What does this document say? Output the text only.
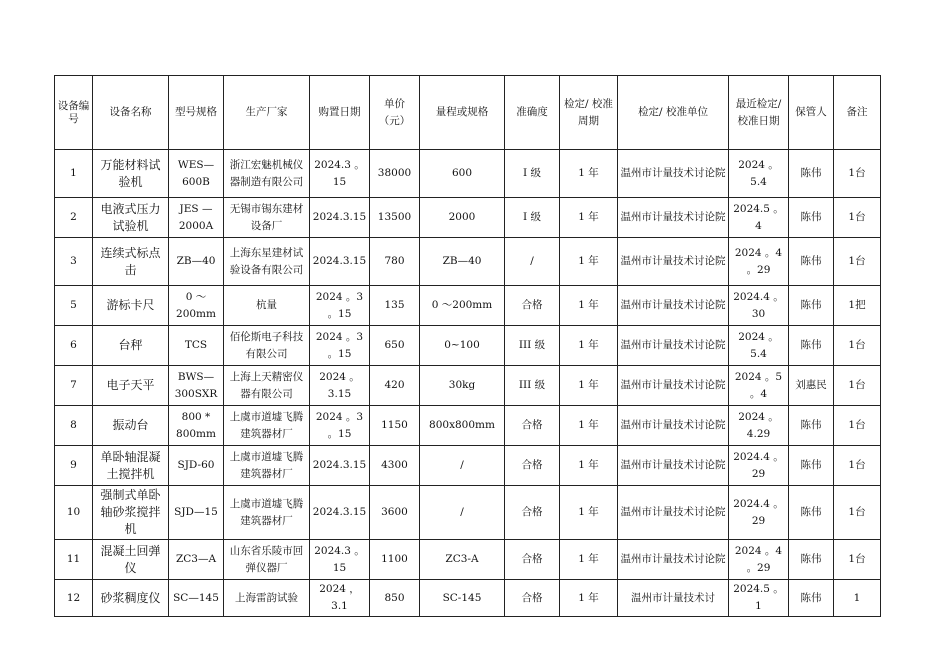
设备编号	设备名称	型号规格	生产厂家	购置日期	单价（元）	量程或规格	准确度	检定/ 校准周期	检定/ 校准单位	最近检定/ 校准日期	保管人	备注
1	万能材料试验机	WES—600B	浙江宏魅机械仪器制造有限公司	2024.3 。15	38000	600	Ⅰ 级	1 年	温州市计量技术讨论院	2024 。5.4	陈伟	1台
2	电液式压力试验机	JES —2000A	无锡市锡东建材设备厂	2024.3.15	13500	2000	Ⅰ 级	1 年	温州市计量技术讨论院	2024.5 。4	陈伟	1台
3	连续式标点击	ZB—40	上海东星建材试验设备有限公司	2024.3.15	780	ZB—40	/	1 年	温州市计量技术讨论院	2024 。4 。29	陈伟	1台
5	游标卡尺	0 ～200mm	杭量	2024 。3 。15	135	0 ～200mm	合格	1 年	温州市计量技术讨论院	2024.4 。30	陈伟	1把
6	台秤	TCS	佰伦斯电子科技有限公司	2024 。3 。15	650	0~100	III 级	1 年	温州市计量技术讨论院	2024 。5.4	陈伟	1台
7	电子天平	BWS—300SXR	上海上天精密仪器有限公司	2024 。3.15	420	30kg	III 级	1 年	温州市计量技术讨论院	2024 。5 。4	刘惠民	1台
8	振动台	800 * 800mm	上虞市道墟飞腾建筑器材厂	2024 。3 。15	1150	800x800mm	合格	1 年	温州市计量技术讨论院	2024 。4.29	陈伟	1台
9	单卧轴混凝土搅拌机	SJD-60	上虞市道墟飞腾建筑器材厂	2024.3.15	4300	/	合格	1 年	温州市计量技术讨论院	2024.4 。29	陈伟	1台
10	强制式单卧轴砂浆搅拌机	SJD—15	上虞市道墟飞腾建筑器材厂	2024.3.15	3600	/	合格	1 年	温州市计量技术讨论院	2024.4 。29	陈伟	1台
11	混凝土回弹仪	ZC3—A	山东省乐陵市回弹仪器厂	2024.3 。15	1100	ZC3-A	合格	1 年	温州市计量技术讨论院	2024 。4 。29	陈伟	1台
12	砂浆稠度仪	SC—145	上海雷韵试验	2024 ，3.1	850	SC-145	合格	1 年	温州市计量技术讨	2024.5 。1	陈伟	1
